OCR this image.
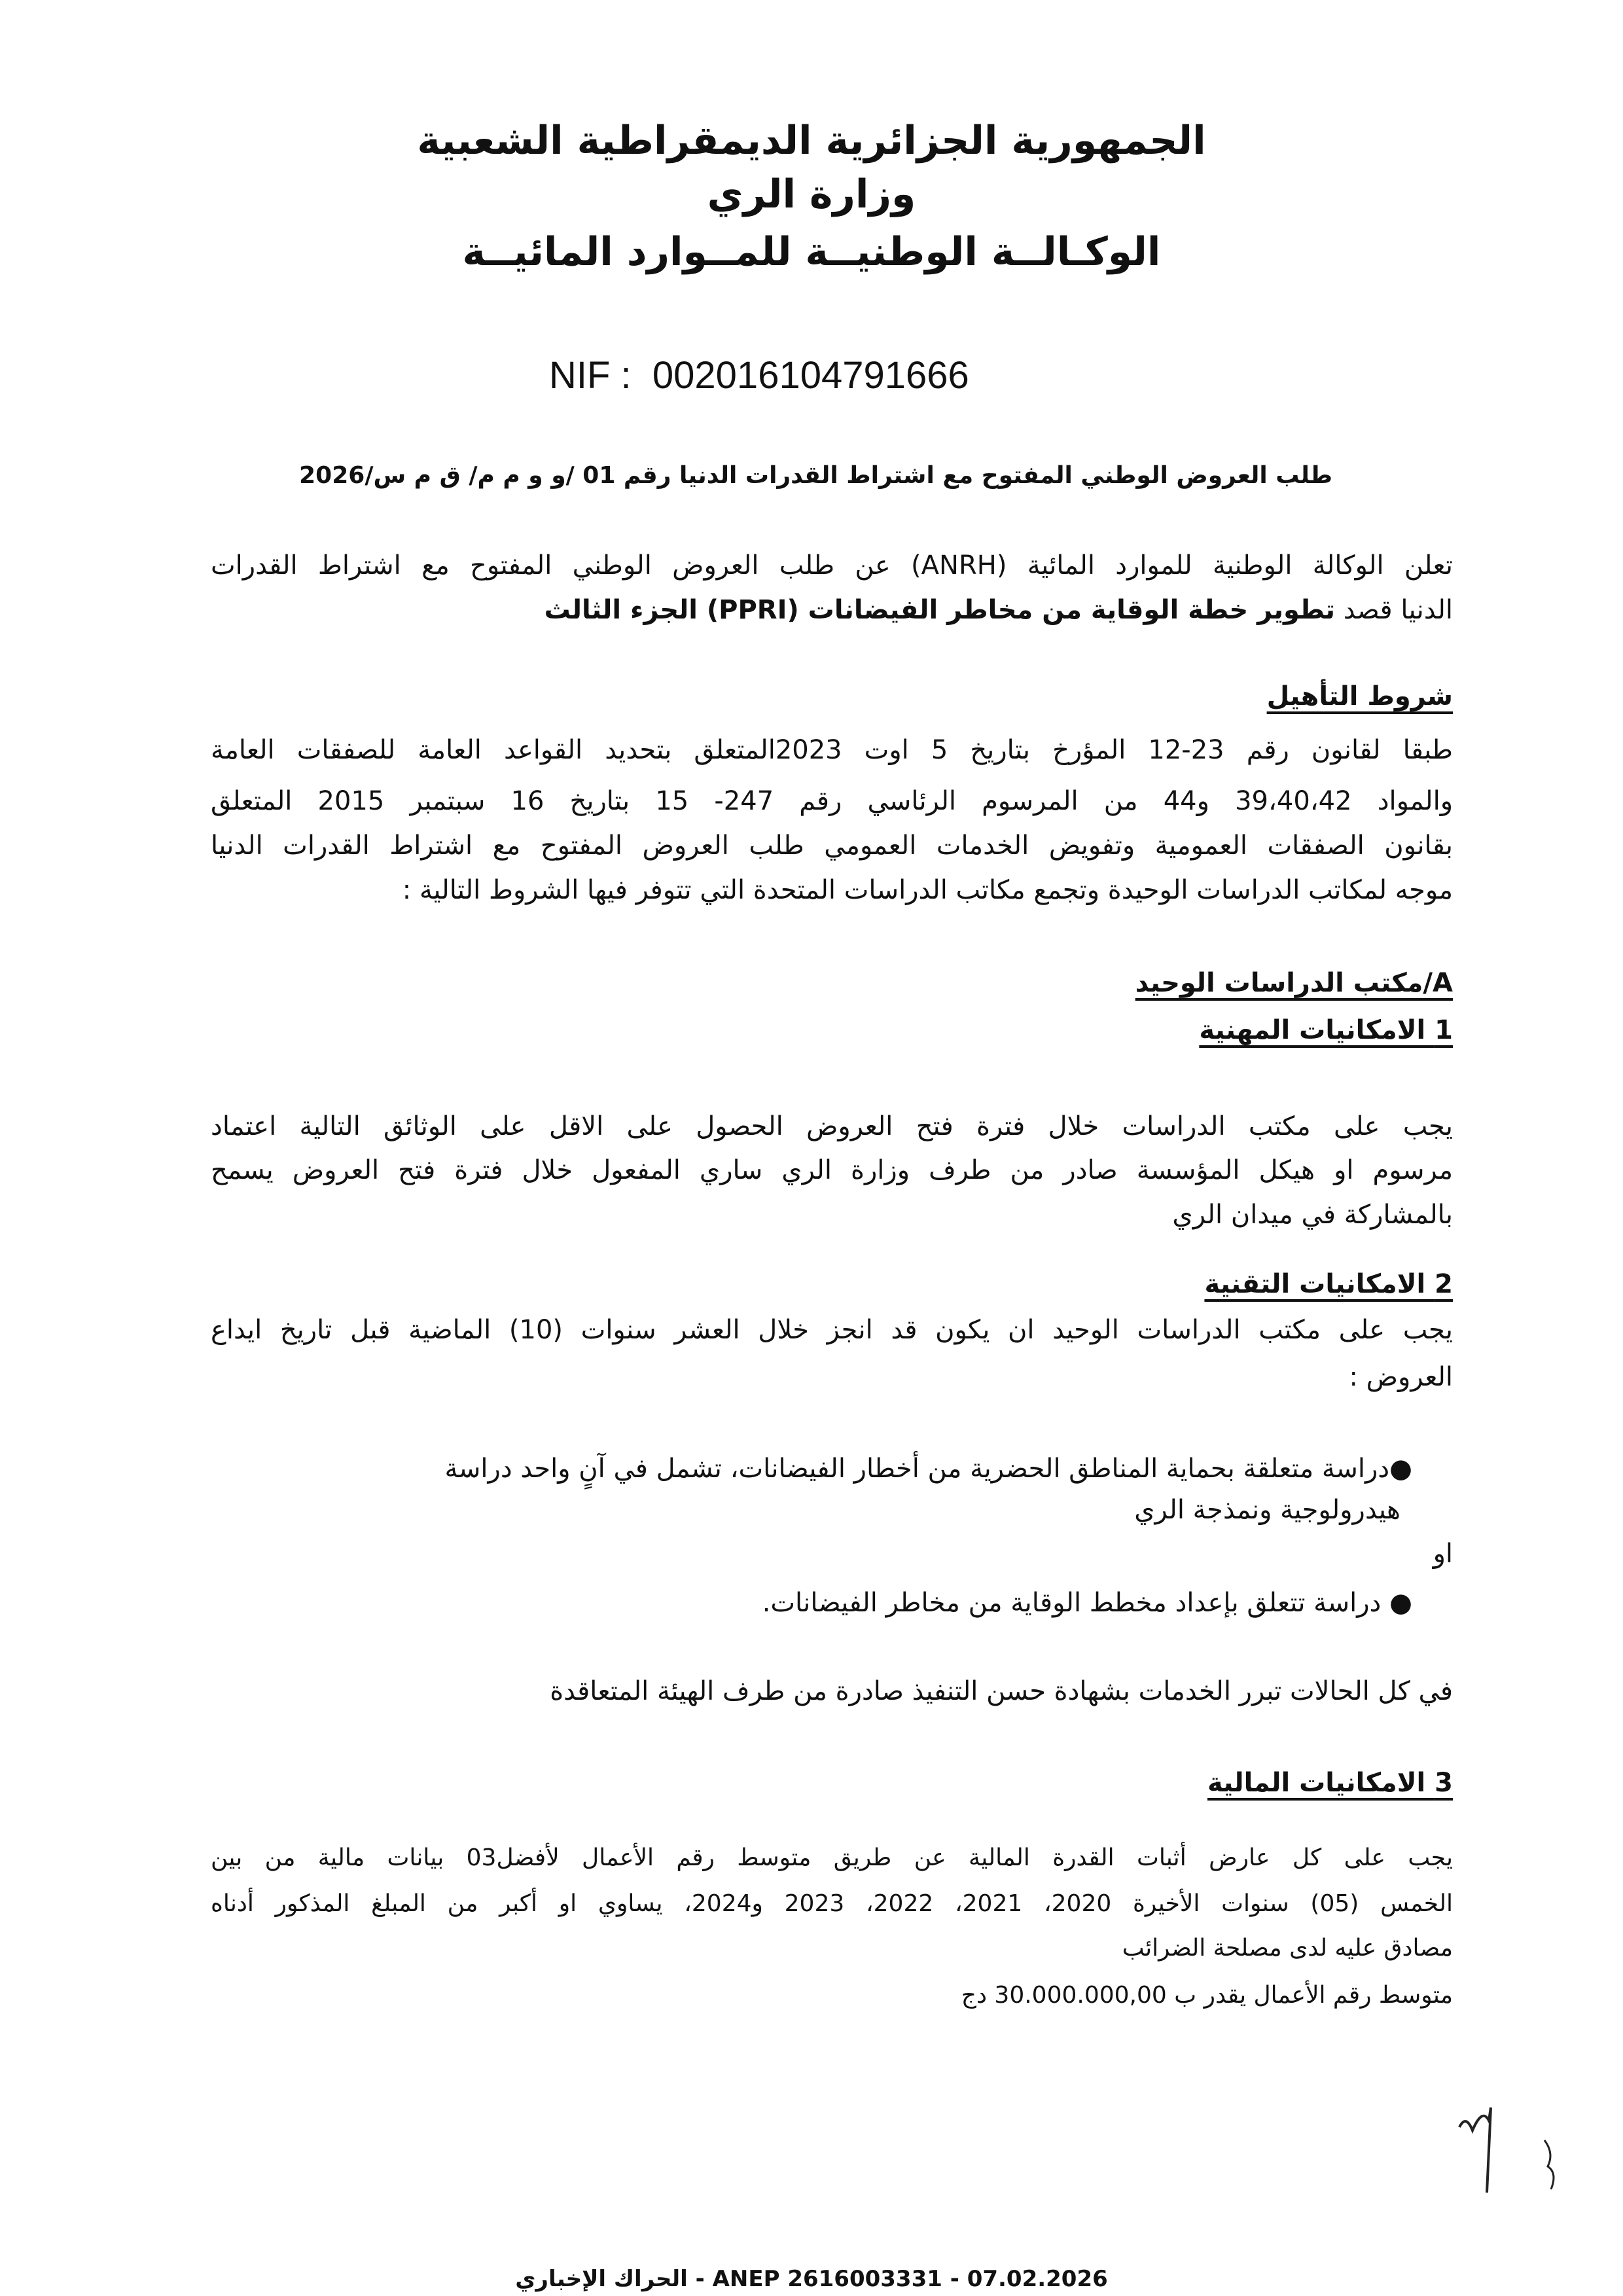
الجمهورية الجزائرية الديمقراطية الشعبية
وزارة الري
الوكـالــة الوطنيــة للمــوارد المائيــة
NIF : 002016104791666
طلب العروض الوطني المفتوح مع اشتراط القدرات الدنيا رقم 01 /و و م م/ ق م س/2026
تعلن الوكالة الوطنية للموارد المائية (ANRH) عن طلب العروض الوطني المفتوح مع اشتراط القدرات
الدنيا قصد تطوير خطة الوقاية من مخاطر الفيضانات (PPRI) الجزء الثالث
شروط التأهيل
طبقا لقانون رقم 23-12 المؤرخ بتاريخ 5 اوت 2023المتعلق بتحديد القواعد العامة للصفقات العامة
والمواد 39،40،42 و44 من المرسوم الرئاسي رقم 247- 15 بتاريخ 16 سبتمبر 2015 المتعلق
بقانون الصفقات العمومية وتفويض الخدمات العمومي طلب العروض المفتوح مع اشتراط القدرات الدنيا
موجه لمكاتب الدراسات الوحيدة وتجمع مكاتب الدراسات المتحدة التي تتوفر فيها الشروط التالية :
A/مكتب الدراسات الوحيد
1 الامكانيات المهنية
يجب على مكتب الدراسات خلال فترة فتح العروض الحصول على الاقل على الوثائق التالية اعتماد
مرسوم او هيكل المؤسسة صادر من طرف وزارة الري ساري المفعول خلال فترة فتح العروض يسمح
بالمشاركة في ميدان الري
2 الامكانيات التقنية
يجب على مكتب الدراسات الوحيد ان يكون قد انجز خلال العشر سنوات (10) الماضية قبل تاريخ ايداع
العروض :
●دراسة متعلقة بحماية المناطق الحضرية من أخطار الفيضانات، تشمل في آنٍ واحد دراسة
هيدرولوجية ونمذجة الري
او
● دراسة تتعلق بإعداد مخطط الوقاية من مخاطر الفيضانات.
في كل الحالات تبرر الخدمات بشهادة حسن التنفيذ صادرة من طرف الهيئة المتعاقدة
3 الامكانيات المالية
يجب على كل عارض أثبات القدرة المالية عن طريق متوسط رقم الأعمال لأفضل03 بيانات مالية من بين
الخمس (05) سنوات الأخيرة 2020، 2021، 2022، 2023 و2024، يساوي او أكبر من المبلغ المذكور أدناه
مصادق عليه لدى مصلحة الضرائب
متوسط رقم الأعمال يقدر ب 30.000.000,00 دج
الحراك الإخباري - ANEP 2616003331 - 07.02.2026
